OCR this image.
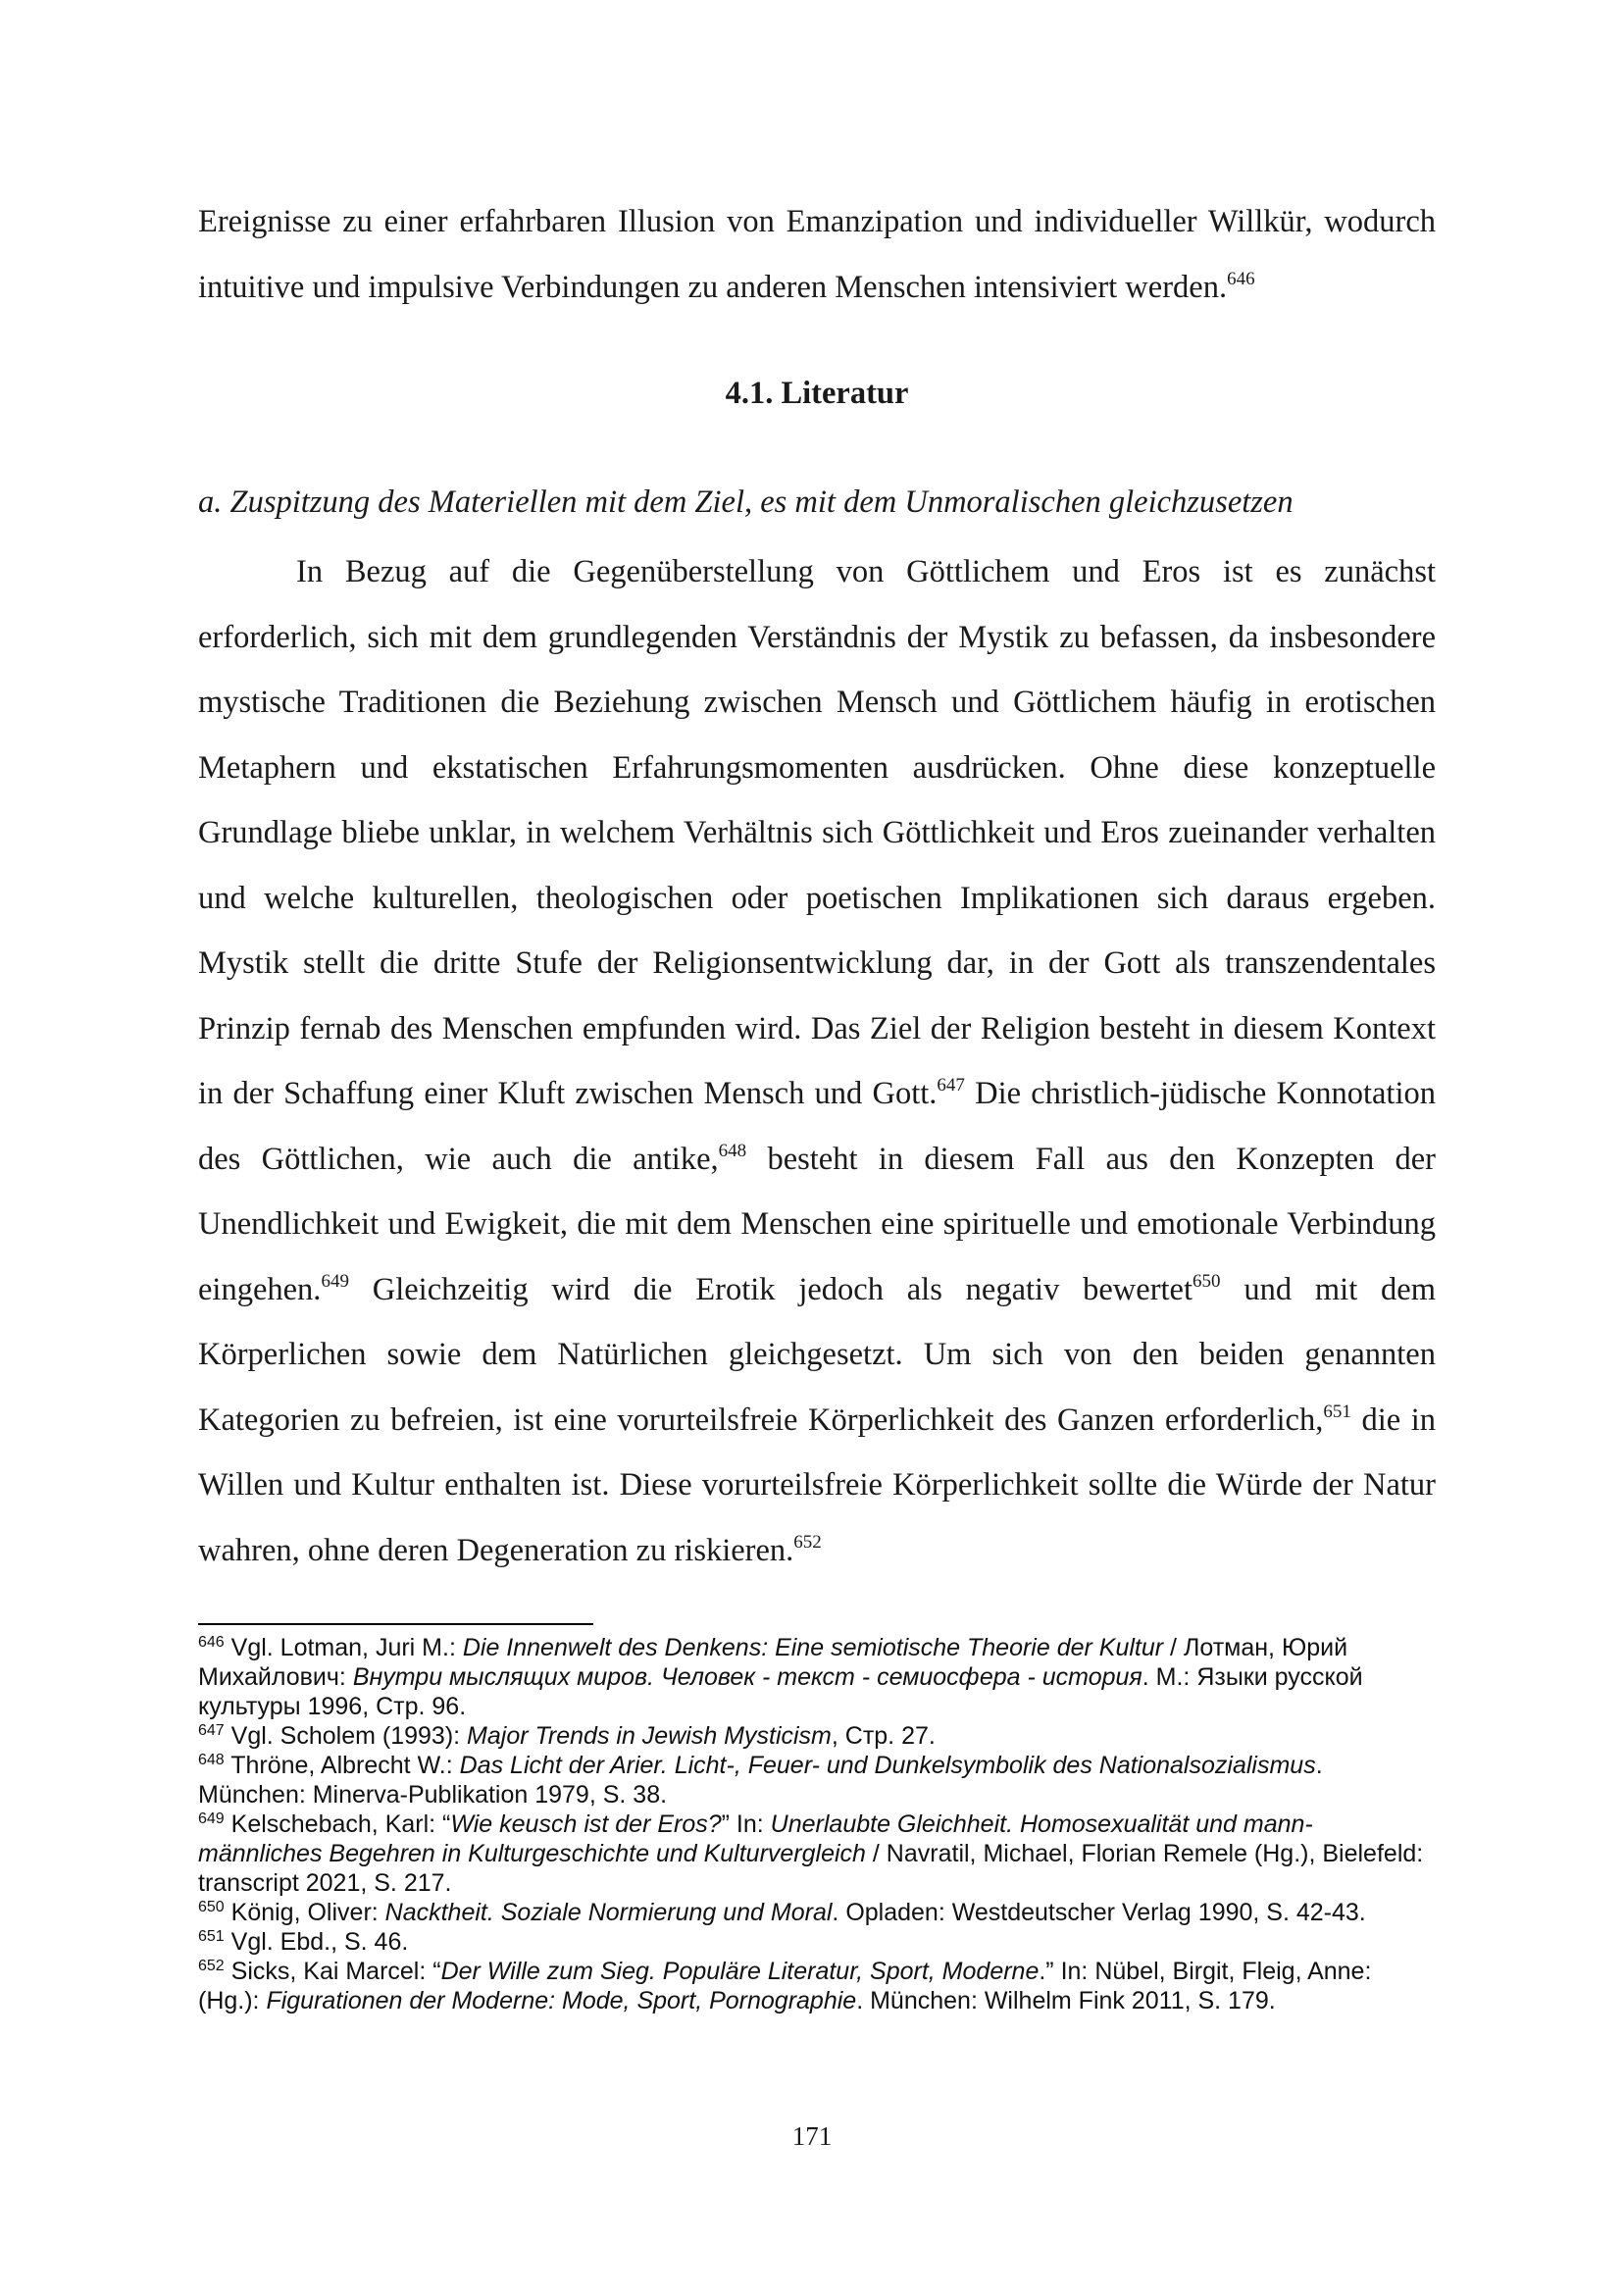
Ereignisse zu einer erfahrbaren Illusion von Emanzipation und individueller Willkür, wodurch intuitive und impulsive Verbindungen zu anderen Menschen intensiviert werden.$^{646}$

4.1. Literatur
a. Zuspitzung des Materiellen mit dem Ziel, es mit dem Unmoralischen gleichzusetzen

In Bezug auf die Gegenüberstellung von Göttlichem und Eros ist es zunächst erforderlich, sich mit dem grundlegenden Verständnis der Mystik zu befassen, da insbesondere mystische Traditionen die Beziehung zwischen Mensch und Göttlichem häufig in erotischen Metaphern und ekstatischen Erfahrungsmomenten ausdrücken. Ohne diese konzeptuelle Grundlage bliebe unklar, in welchem Verhältnis sich Göttlichkeit und Eros zueinander verhalten und welche kulturellen, theologischen oder poetischen Implikationen sich daraus ergeben. Mystik stellt die dritte Stufe der Religionsentwicklung dar, in der Gott als transzendentales Prinzip fernab des Menschen empfunden wird. Das Ziel der Religion besteht in diesem Kontext in der Schaffung einer Kluft zwischen Mensch und Gott.$^{647}$ Die christlich-jüdische Konnotation des Göttlichen, wie auch die antike,$^{648}$ besteht in diesem Fall aus den Konzepten der Unendlichkeit und Ewigkeit, die mit dem Menschen eine spirituelle und emotionale Verbindung eingehen.$^{649}$ Gleichzeitig wird die Erotik jedoch als negativ bewertet$^{650}$ und mit dem Körperlichen sowie dem Natürlichen gleichgesetzt. Um sich von den beiden genannten Kategorien zu befreien, ist eine vorurteilsfreie Körperlichkeit des Ganzen erforderlich,$^{651}$ die in Willen und Kultur enthalten ist. Diese vorurteilsfreie Körperlichkeit sollte die Würde der Natur wahren, ohne deren Degeneration zu riskieren.$^{652}$

$^{646}$ Vgl. Lotman, Juri M.: Die Innenwelt des Denkens: Eine semiotische Theorie der Kultur / Лотман, Юрий Михайлович: Внутри мыслящих миров. Человек - текст - семиосфера - история. М.: Языки русской культуры 1996, Стр. 96.

$^{647}$ Vgl. Scholem (1993): Major Trends in Jewish Mysticism, Стр. 27.

$^{648}$ Thröne, Albrecht W.: Das Licht der Arier. Licht-, Feuer- und Dunkelsymbolik des Nationalsozialismus. München: Minerva-Publikation 1979, S. 38.

$^{649}$ Kelschebach, Karl: “Wie keusch ist der Eros?” In: Unerlaubte Gleichheit. Homosexualität und mann-männliches Begehren in Kulturgeschichte und Kulturvergleich / Navratil, Michael, Florian Remele (Hg.), Bielefeld: transcript 2021, S. 217.

$^{650}$ König, Oliver: Nacktheit. Soziale Normierung und Moral. Opladen: Westdeutscher Verlag 1990, S. 42-43.

$^{651}$ Vgl. Ebd., S. 46.

$^{652}$ Sicks, Kai Marcel: “Der Wille zum Sieg. Populäre Literatur, Sport, Moderne.” In: Nübel, Birgit, Fleig, Anne: (Hg.): Figurationen der Moderne: Mode, Sport, Pornographie. München: Wilhelm Fink 2011, S. 179.

171
